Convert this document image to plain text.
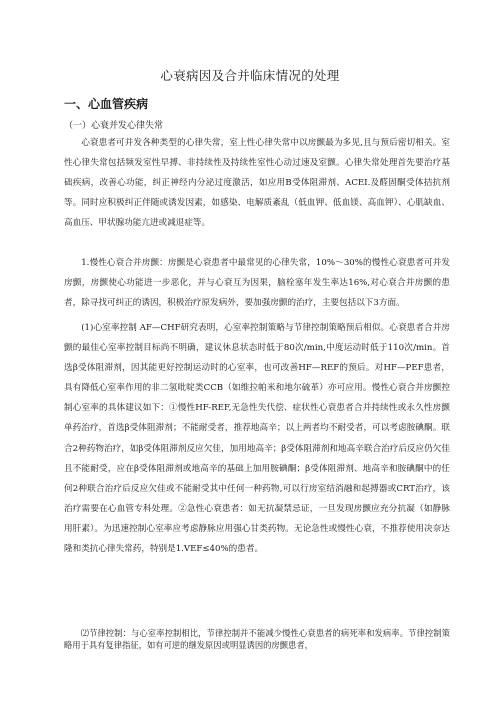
心衰病因及合并临床情况的处理
一、心血管疾病
（一）心衰并发心律失常

心衰患者可并发各种类型的心律失常，室上性心律失常中以房颤最为多见,且与预后密切相关。室性心律失常包括频发室性早搏、非持续性及持续性室性心动过速及室颤。心律失常处理首先要治疗基础疾病，改善心功能，纠正神经内分泌过度激活，如应用B受体阻滞剂、ACEI.及醛固酮受体拮抗剂等。同时应积极纠正伴随或诱发因素，如感染、电解质紊乱（低血钾、低血镁、高血钾）、心肌缺血、高血压、甲状腺功能亢进或减退症等。

1.慢性心衰合并房颤：房颤是心衰患者中最常见的心律失常，10%〜30%的慢性心衰患者可并发房颤，房颤使心功能进一步恶化，并与心衰互为因果，脑栓塞年发生率达16%,对心衰合并房颤的患者，除寻找可纠正的诱因，积极治疗原发病外，要加强房颤的治疗，主要包括以下3方面。

(1)心室率控制 AF—CHF研究表明，心室率控制策略与节律控制策略预后相似。心衰患者合并房颤的最佳心室率控制目标尚不明确，建议休息状态时低于80次/min,中度运动时低于110次/min。首选β受体阻滞剂，因其能更好控制运动时的心室率，也可改善HF—REF的预后。对HF—PEF患者，具有降低心室率作用的非二氢吡啶类CCB（如维拉帕米和地尔硫革）亦可应用。慢性心衰合并房颤控制心室率的具体建议如下：①慢性HF-REF,无急性失代偿、症状性心衰患者合并持续性或永久性房颤 单药治疗，首选β受体阻滞剂；不能耐受者，推荐地高辛；以上两者均不耐受者，可以考虑胺碘酮。联合2种药物治疗，如β受体阻滞剂反应欠佳，加用地高辛；β受体阻滞剂和地高辛联合治疗后反应仍欠佳且不能耐受，应在β受体阻滞剂或地高辛的基础上加用胺碘酮；β受体阻滞剂、地高辛和胺碘酮中的任何2种联合治疗后反应欠佳或不能耐受其中任何一种药物,可以行房室结消融和起搏器或CRT治疗，该治疗需要在心血管专科处理。②急性心衰患者：如无抗凝禁忌证，一旦发现房颤应充分抗凝（如静脉用肝素）。为迅速控制心室率应考虑静脉应用强心甘类药物。无论急性或慢性心衰，不推荐使用决奈达隆和类抗心律失常药，特别是1.VEF≤40%的患者。

⑵节律控制：与心室率控制相比，节律控制并不能减少慢性心衰患者的病死率和发病率。节律控制策略用于具有复律指征，如有可逆的继发原因或明显诱因的房颤患者，
